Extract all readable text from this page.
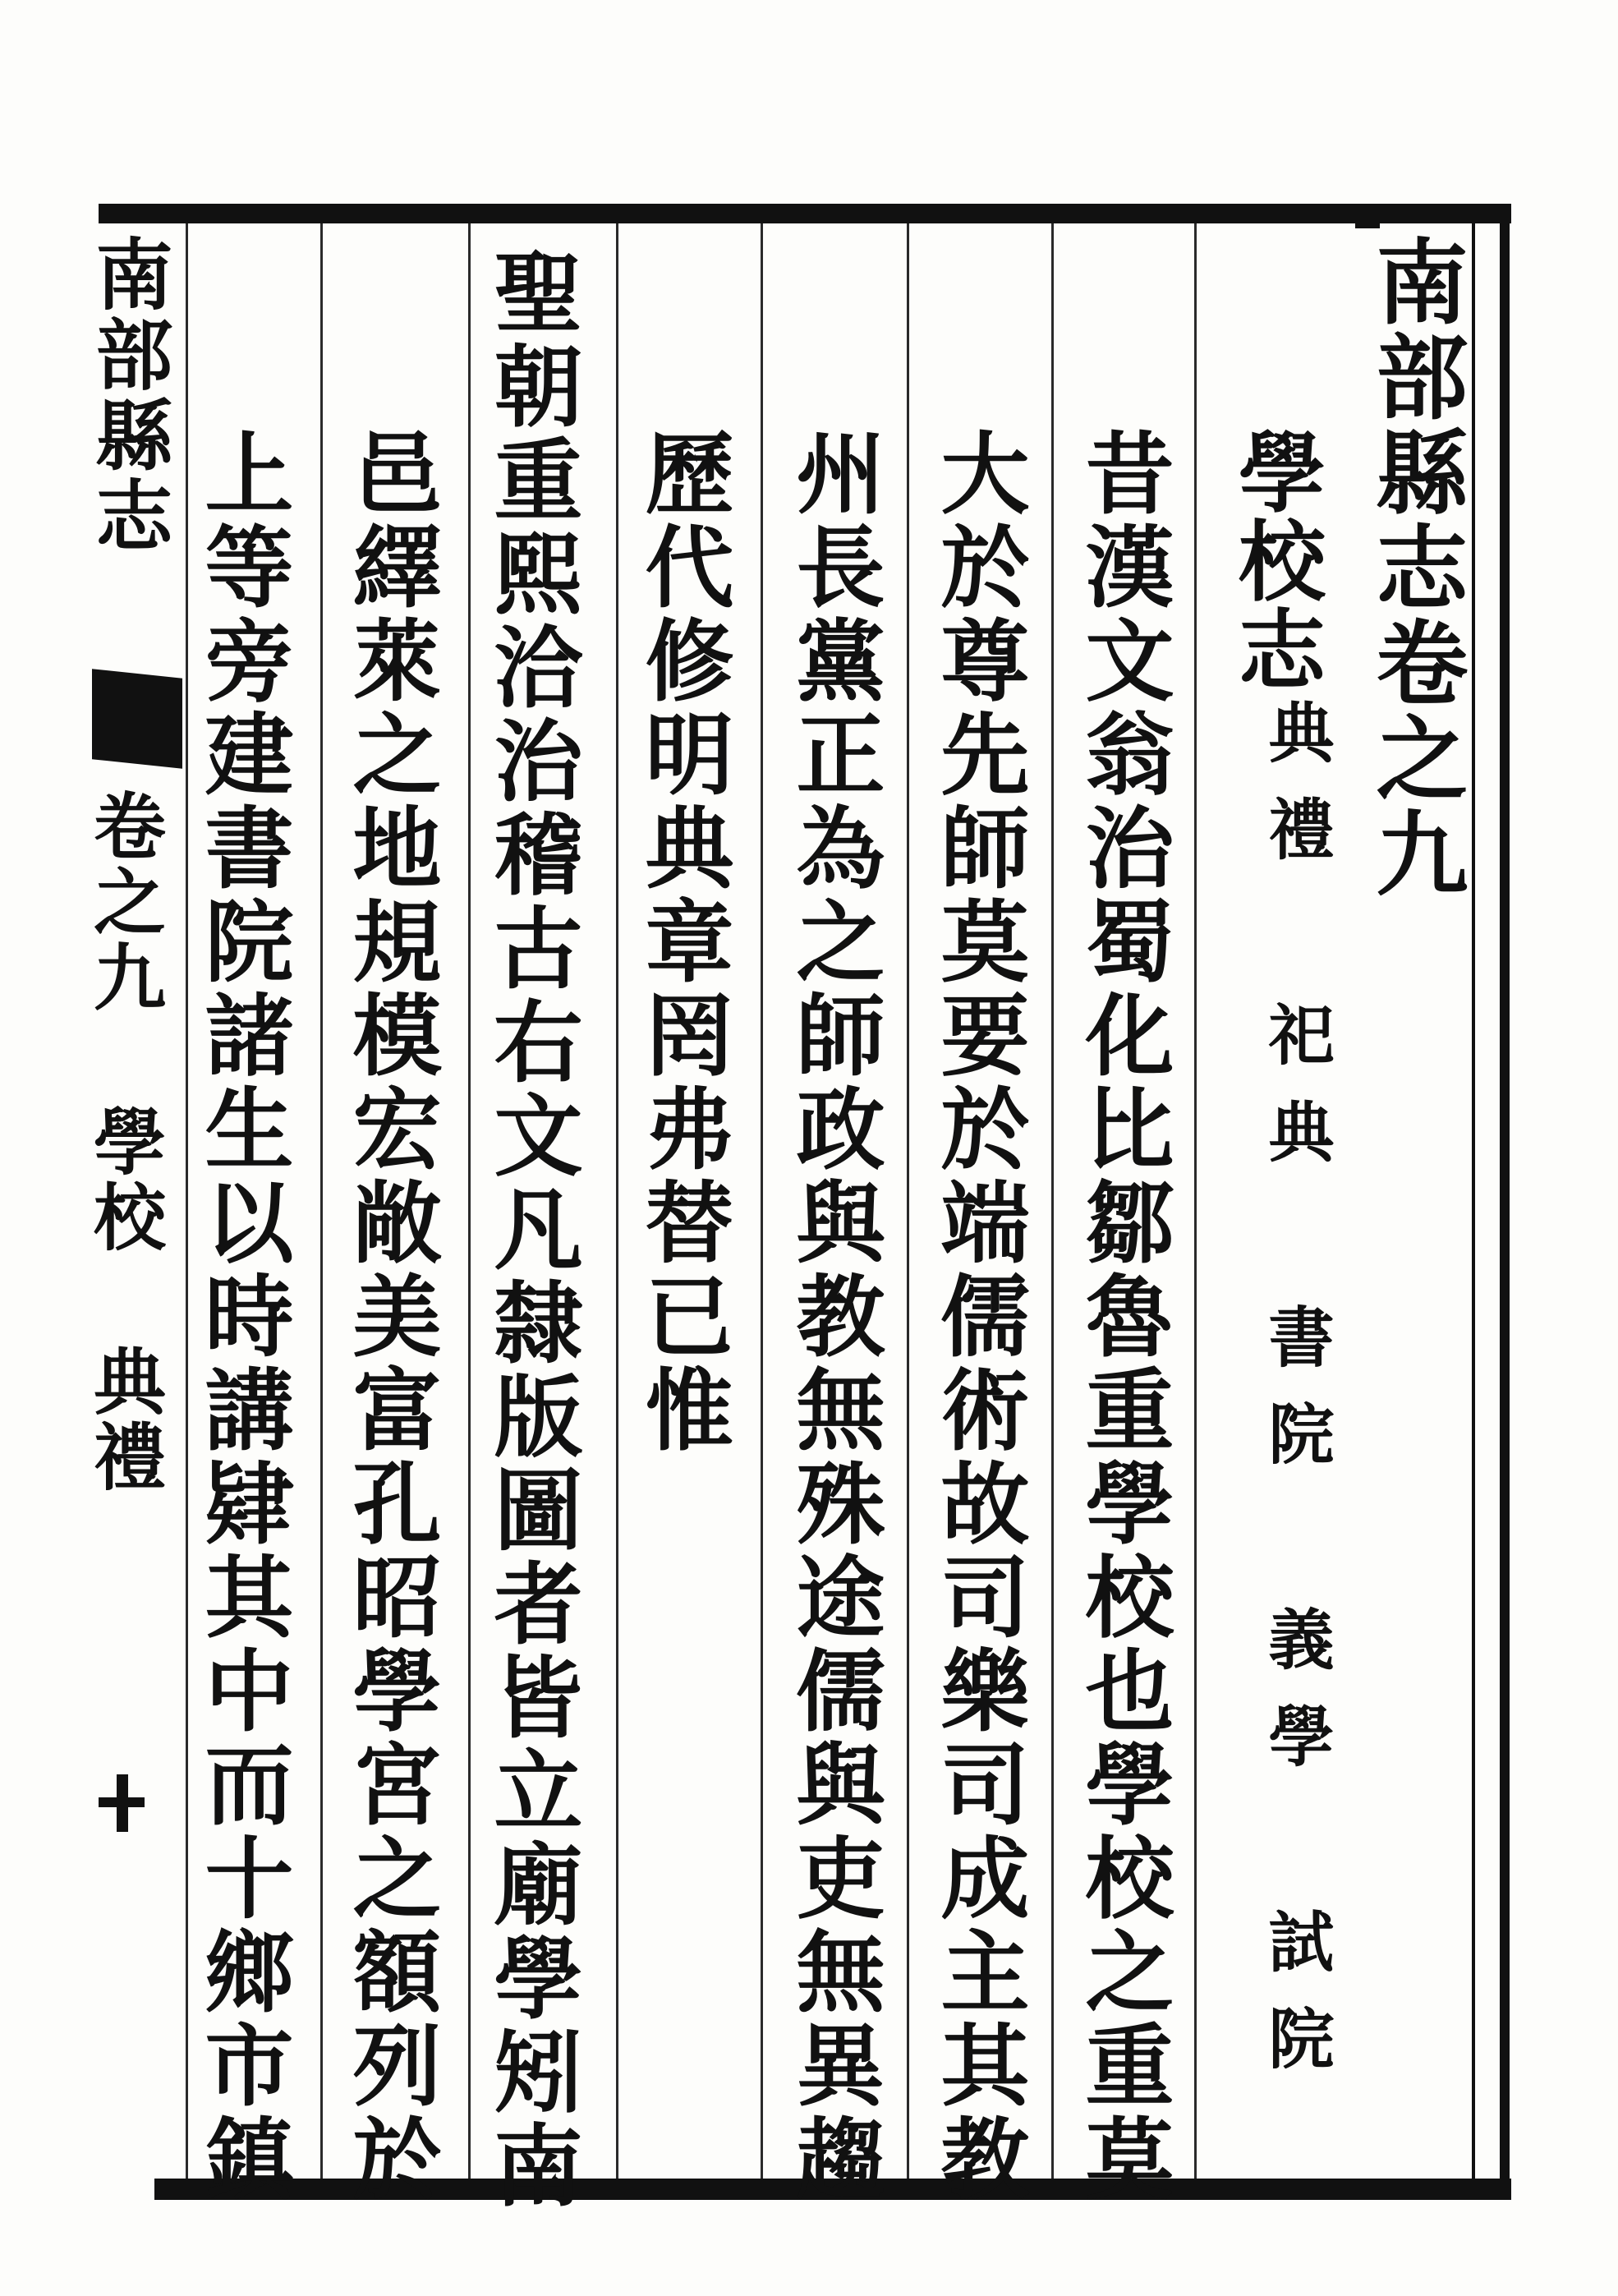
南部縣志卷之九
學校志
典禮 祀典 書院 義學 試院
昔漢文翁治蜀化比鄒魯重學校也學校之重莫
大於尊先師莫要於端儒術故司樂司成主其教
州長黨正為之師政與教無殊途儒與吏無異趨
歷代修明典章罔弗替已惟
聖朝重熙洽治稽古右文凡隸版圖者皆立廟學矧南
邑繹萊之地規模宏敞美富孔昭學宮之額列於
上等旁建書院諸生以時講肄其中而十鄉市鎮
南部縣志
卷之九 學校 典禮
